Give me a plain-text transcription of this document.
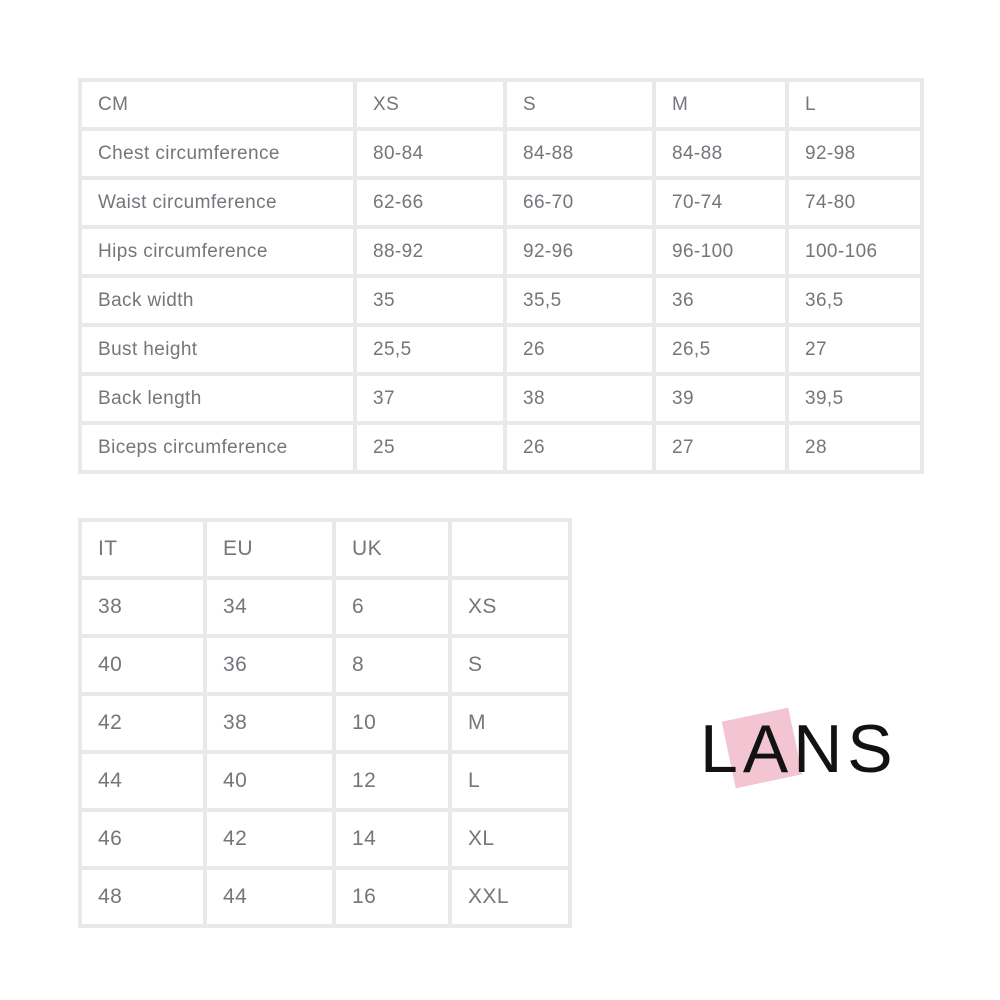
CM	XS	S	M	L
Chest circumference	80-84	84-88	84-88	92-98
Waist circumference	62-66	66-70	70-74	74-80
Hips circumference	88-92	92-96	96-100	100-106
Back width	35	35,5	36	36,5
Bust height	25,5	26	26,5	27
Back length	37	38	39	39,5
Biceps circumference	25	26	27	28
IT	EU	UK	
38	34	6	XS
40	36	8	S
42	38	10	M
44	40	12	L
46	42	14	XL
48	44	16	XXL
LANS
